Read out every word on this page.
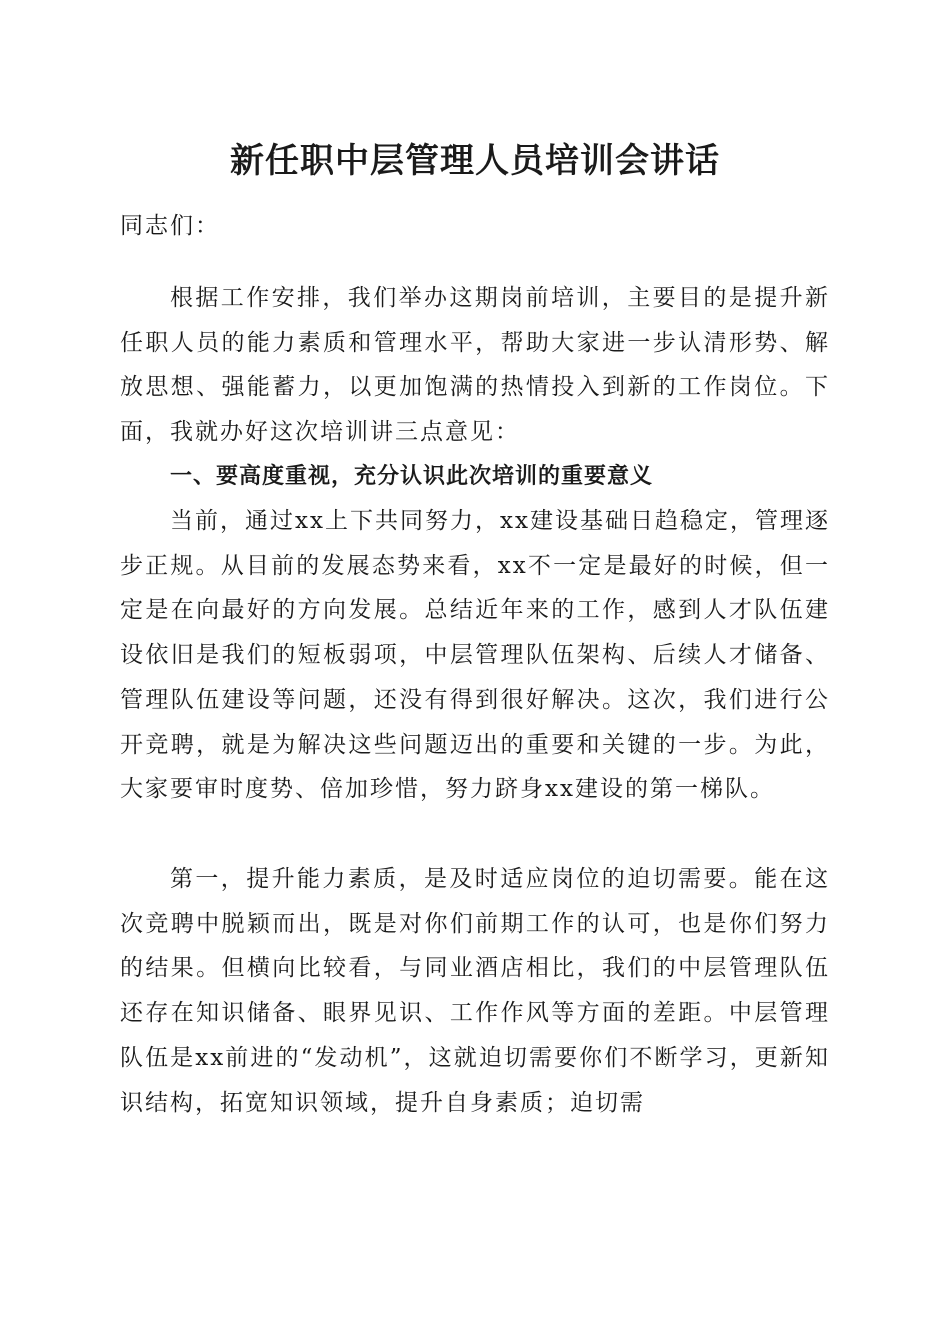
新任职中层管理人员培训会讲话
同志们：
根据工作安排，我们举办这期岗前培训，主要目的是提升新任职人员的能力素质和管理水平，帮助大家进一步认清形势、解放思想、强能蓄力，以更加饱满的热情投入到新的工作岗位。下面，我就办好这次培训讲三点意见：
一、要高度重视，充分认识此次培训的重要意义
当前，通过xx上下共同努力，xx建设基础日趋稳定，管理逐步正规。从目前的发展态势来看，xx不一定是最好的时候，但一定是在向最好的方向发展。总结近年来的工作，感到人才队伍建设依旧是我们的短板弱项，中层管理队伍架构、后续人才储备、管理队伍建设等问题，还没有得到很好解决。这次，我们进行公开竞聘，就是为解决这些问题迈出的重要和关键的一步。为此，大家要审时度势、倍加珍惜，努力跻身xx建设的第一梯队。
第一，提升能力素质，是及时适应岗位的迫切需要。能在这次竞聘中脱颖而出，既是对你们前期工作的认可，也是你们努力的结果。但横向比较看，与同业酒店相比，我们的中层管理队伍还存在知识储备、眼界见识、工作作风等方面的差距。中层管理队伍是xx前进的“发动机”，这就迫切需要你们不断学习，更新知识结构，拓宽知识领域，提升自身素质；迫切需
